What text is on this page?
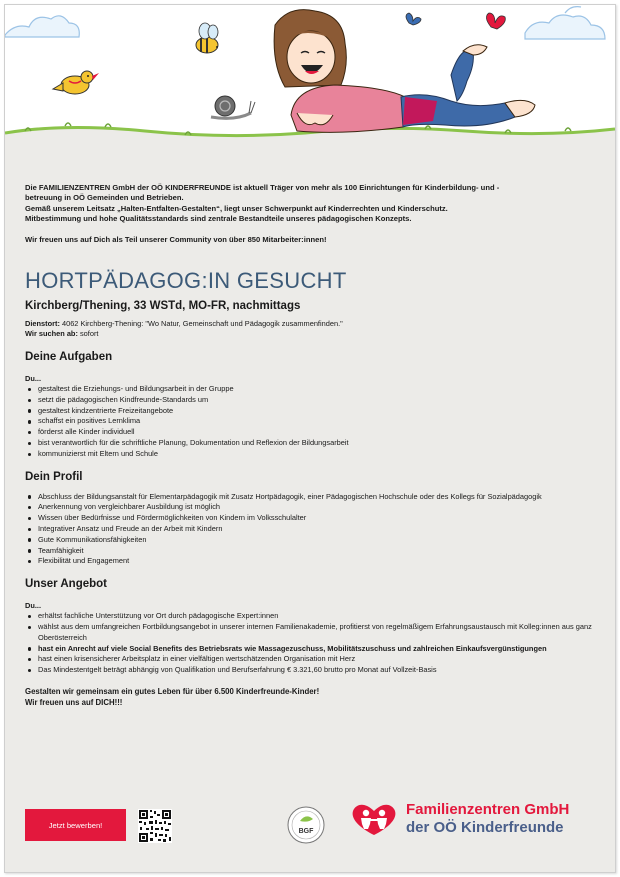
Die FAMILIENZENTREN GmbH der OÖ KINDERFREUNDE ist aktuell Träger von mehr als 100 Einrichtungen für Kinderbildung- und -

betreuung in OÖ Gemeinden und Betrieben.

Gemäß unserem Leitsatz „Halten-Entfalten-Gestalten“, liegt unser Schwerpunkt auf Kinderrechten und Kinderschutz.

Mitbestimmung und hohe Qualitätsstandards sind zentrale Bestandteile unseres pädagogischen Konzepts.

Wir freuen uns auf Dich als Teil unserer Community von über 850 Mitarbeiter:innen!

HORTPÄDAGOG:IN GESUCHT
Kirchberg/Thening, 33 WSTd, MO-FR, nachmittags
Dienstort: 4062 Kirchberg-Thening: "Wo Natur, Gemeinschaft und Pädagogik zusammenfinden."
Wir suchen ab: sofort
Deine Aufgaben
Du...
gestaltest die Erziehungs- und Bildungsarbeit in der Gruppe
setzt die pädagogischen Kindfreunde-Standards um
gestaltest kindzentrierte Freizeitangebote
schaffst ein positives Lernklima
förderst alle Kinder individuell
bist verantwortlich für die schriftliche Planung, Dokumentation und Reflexion der Bildungsarbeit
kommunizierst mit Eltern und Schule
Dein Profil
Abschluss der Bildungsanstalt für Elementarpädagogik mit Zusatz Hortpädagogik, einer Pädagogischen Hochschule oder des Kollegs für Sozialpädagogik
Anerkennung von vergleichbarer Ausbildung ist möglich
Wissen über Bedürfnisse und Fördermöglichkeiten von Kindern im Volksschulalter
Integrativer Ansatz und Freude an der Arbeit mit Kindern
Gute Kommunikationsfähigkeiten
Teamfähigkeit
Flexibilität und Engagement
Unser Angebot
Du...
erhältst fachliche Unterstützung vor Ort durch pädagogische Expert:innen
wählst aus dem umfangreichen Fortbildungsangebot in unserer internen Familienakademie, profitierst von regelmäßigem Erfahrungsaustausch mit Kolleg:innen aus ganz Oberösterreich
hast ein Anrecht auf viele Social Benefits des Betriebsrats wie Massagezuschuss, Mobilitätszuschuss und zahlreichen Einkaufsvergünstigungen
hast einen krisensicherer Arbeitsplatz in einer vielfältigen wertschätzenden Organisation mit Herz
Das Mindestentgelt beträgt abhängig von Qualifikation und Berufserfahrung € 3.321,60 brutto pro Monat auf Vollzeit-Basis
Gestalten wir gemeinsam ein gutes Leben für über 6.500 Kinderfreunde-Kinder!
Wir freuen uns auf DICH!!!
Jetzt bewerben!
BGF
Familienzentren GmbH
der OÖ Kinderfreunde
